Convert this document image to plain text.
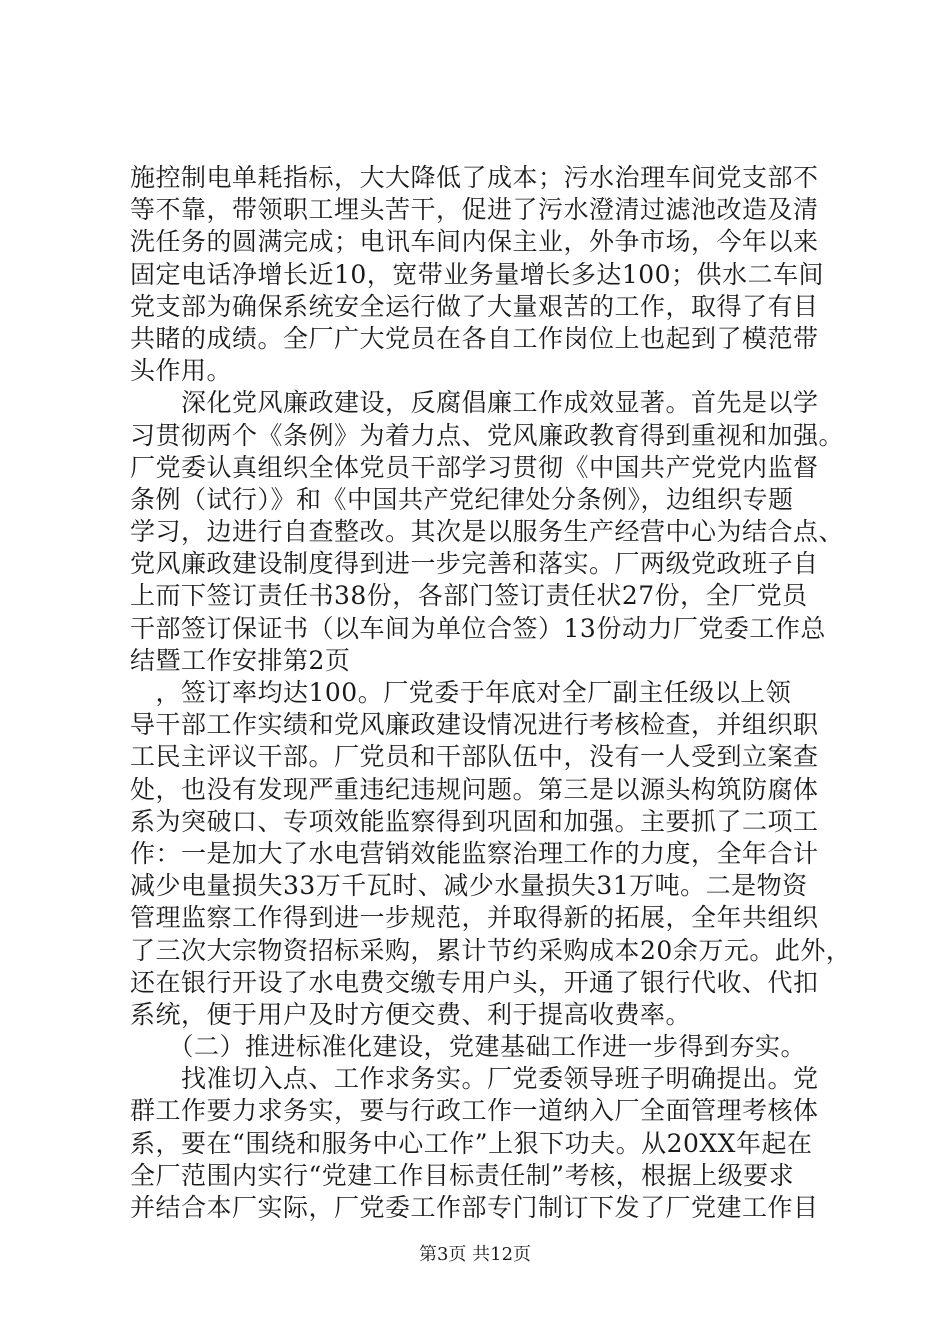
施控制电单耗指标，大大降低了成本；污水治理车间党支部不
等不靠，带领职工埋头苦干，促进了污水澄清过滤池改造及清
洗任务的圆满完成；电讯车间内保主业，外争市场，今年以来
固定电话净增长近10，宽带业务量增长多达100；供水二车间
党支部为确保系统安全运行做了大量艰苦的工作，取得了有目
共睹的成绩。全厂广大党员在各自工作岗位上也起到了模范带
头作用。
　　深化党风廉政建设，反腐倡廉工作成效显著。首先是以学
习贯彻两个《条例》为着力点、党风廉政教育得到重视和加强。
厂党委认真组织全体党员干部学习贯彻《中国共产党党内监督
条例（试行）》和《中国共产党纪律处分条例》，边组织专题
学习，边进行自查整改。其次是以服务生产经营中心为结合点、
党风廉政建设制度得到进一步完善和落实。厂两级党政班子自
上而下签订责任书38份，各部门签订责任状27份，全厂党员
干部签订保证书（以车间为单位合签）13份动力厂党委工作总
结暨工作安排第2页
　，签订率均达100。厂党委于年底对全厂副主任级以上领
导干部工作实绩和党风廉政建设情况进行考核检查，并组织职
工民主评议干部。厂党员和干部队伍中，没有一人受到立案查
处，也没有发现严重违纪违规问题。第三是以源头构筑防腐体
系为突破口、专项效能监察得到巩固和加强。主要抓了二项工
作：一是加大了水电营销效能监察治理工作的力度，全年合计
减少电量损失33万千瓦时、减少水量损失31万吨。二是物资
管理监察工作得到进一步规范，并取得新的拓展，全年共组织
了三次大宗物资招标采购，累计节约采购成本20余万元。此外，
还在银行开设了水电费交缴专用户头，开通了银行代收、代扣
系统，便于用户及时方便交费、利于提高收费率。
　　（二）推进标准化建设，党建基础工作进一步得到夯实。
　　找准切入点、工作求务实。厂党委领导班子明确提出。党
群工作要力求务实，要与行政工作一道纳入厂全面管理考核体
系，要在“围绕和服务中心工作”上狠下功夫。从20XX年起在
全厂范围内实行“党建工作目标责任制”考核，根据上级要求
并结合本厂实际，厂党委工作部专门制订下发了厂党建工作目
第3页 共12页
